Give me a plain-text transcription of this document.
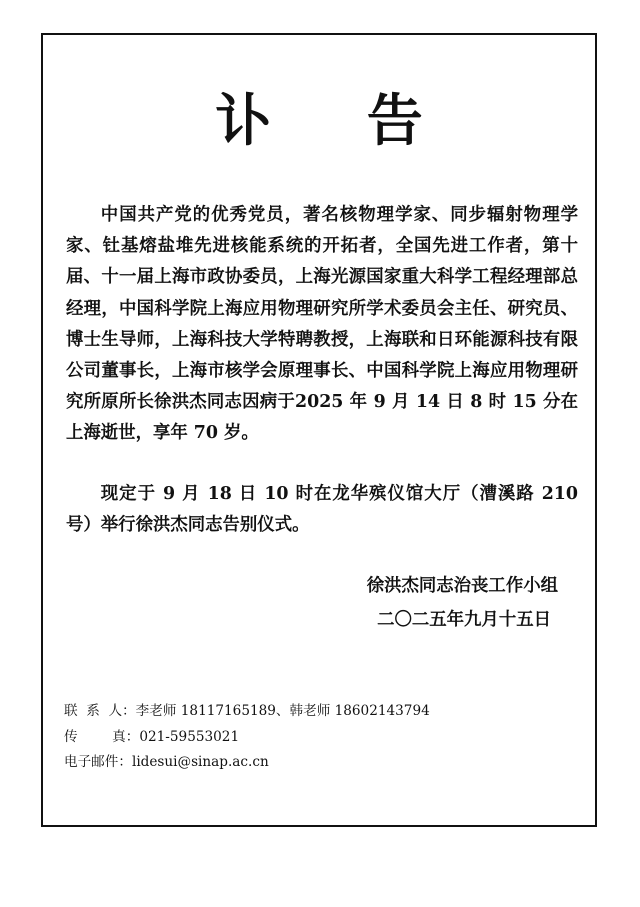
讣 告

中国共产党的优秀党员，著名核物理学家、同步辐射物理学家、钍基熔盐堆先进核能系统的开拓者，全国先进工作者，第十届、十一届上海市政协委员，上海光源国家重大科学工程经理部总经理，中国科学院上海应用物理研究所学术委员会主任、研究员、博士生导师，上海科技大学特聘教授，上海联和日环能源科技有限公司董事长，上海市核学会原理事长、中国科学院上海应用物理研究所原所长徐洪杰同志因病于2025 年 9 月 14 日 8 时 15 分在上海逝世，享年 70 岁。

现定于 9 月 18 日 10 时在龙华殡仪馆大厅（漕溪路 210号）举行徐洪杰同志告别仪式。

徐洪杰同志治丧工作小组
二〇二五年九月十五日
联  系  人： 李老师 18117165189、韩老师 18602143794
传        真： 021-59553021
电子邮件： lidesui@sinap.ac.cn
